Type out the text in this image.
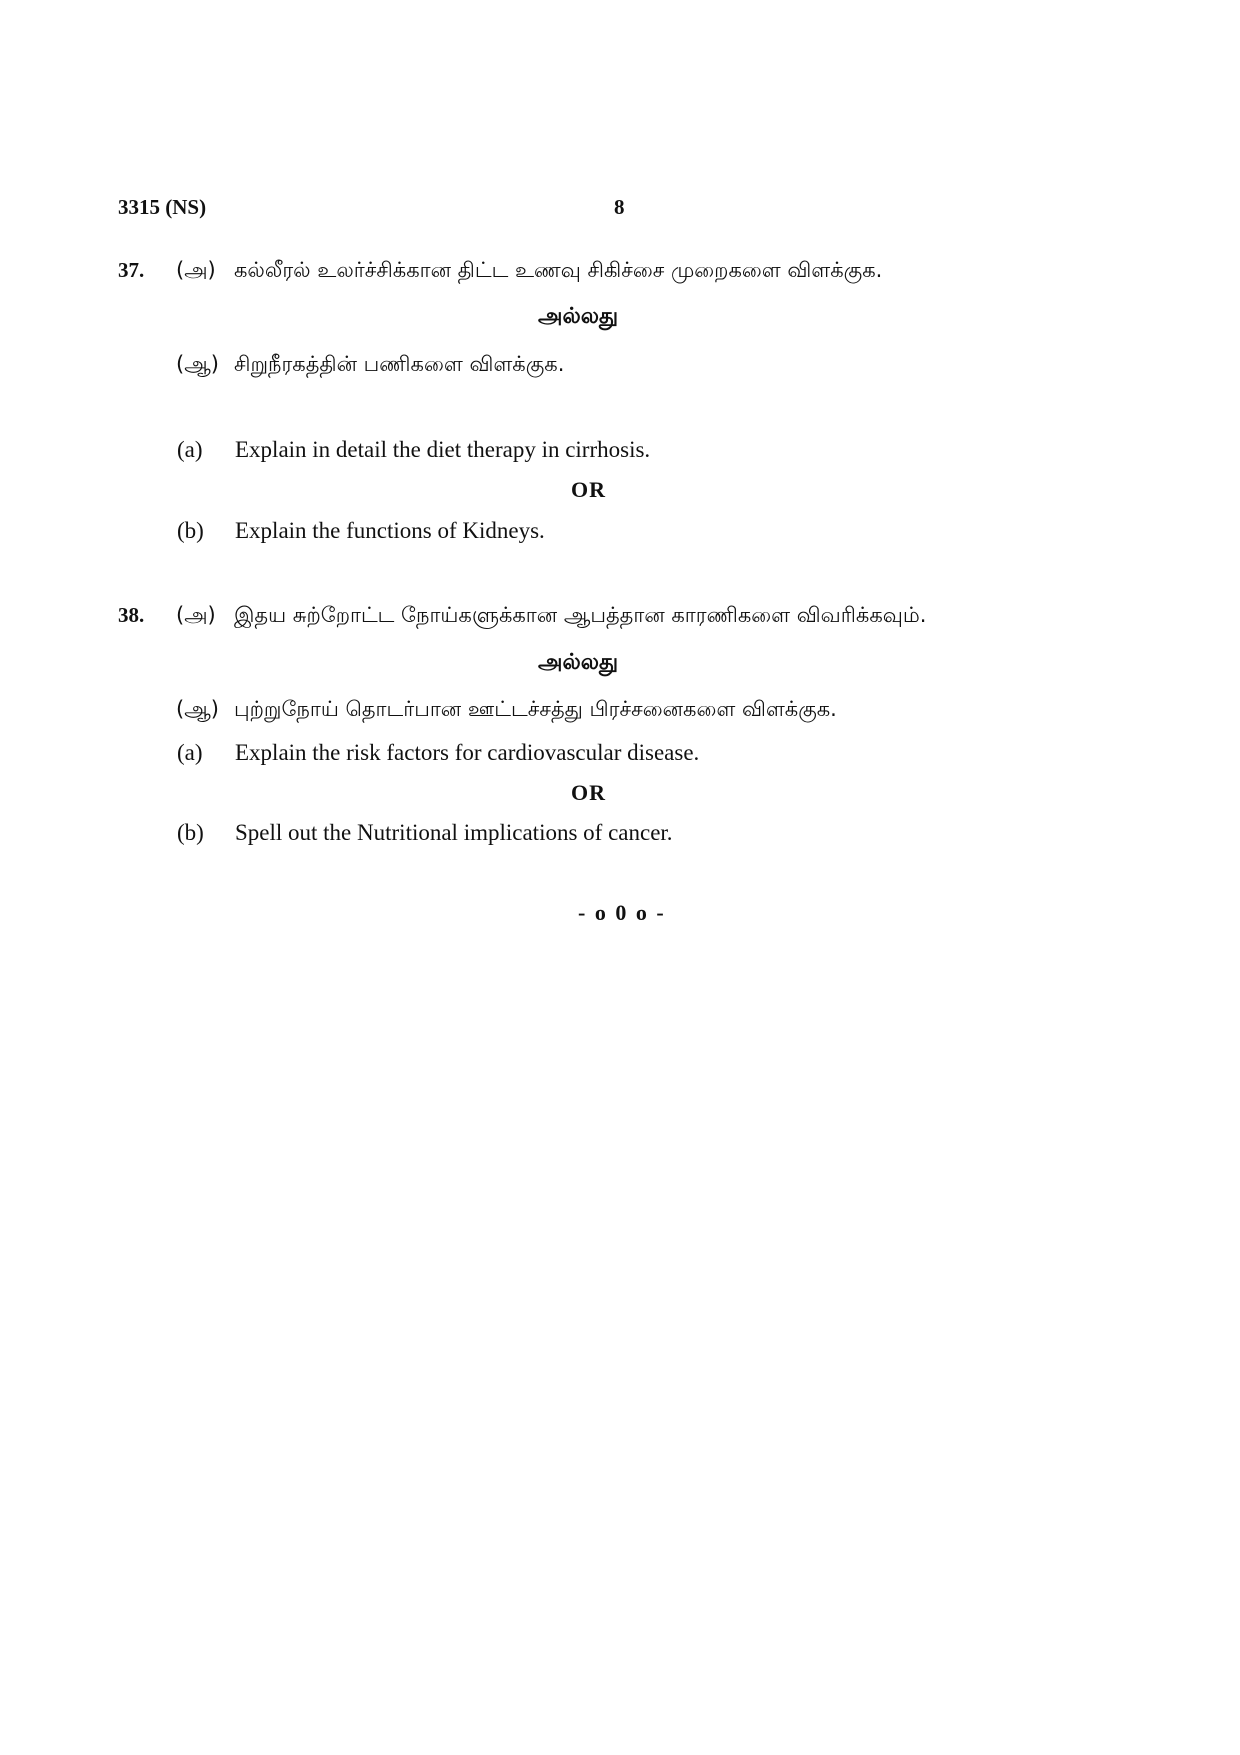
3315 (NS)	8
37. (அ) கல்லீரல் உலர்ச்சிக்கான திட்ட உணவு சிகிச்சை முறைகளை விளக்குக.
அல்லது
(ஆ) சிறுநீரகத்தின் பணிகளை விளக்குக.
(a) Explain in detail the diet therapy in cirrhosis.
OR
(b) Explain the functions of Kidneys.
38. (அ) இதய சுற்றோட்ட நோய்களுக்கான ஆபத்தான காரணிகளை விவரிக்கவும்.
அல்லது
(ஆ) புற்றுநோய் தொடர்பான ஊட்டச்சத்து பிரச்சனைகளை விளக்குக.
(a) Explain the risk factors for cardiovascular disease.
OR
(b) Spell out the Nutritional implications of cancer.
- o 0 o -
